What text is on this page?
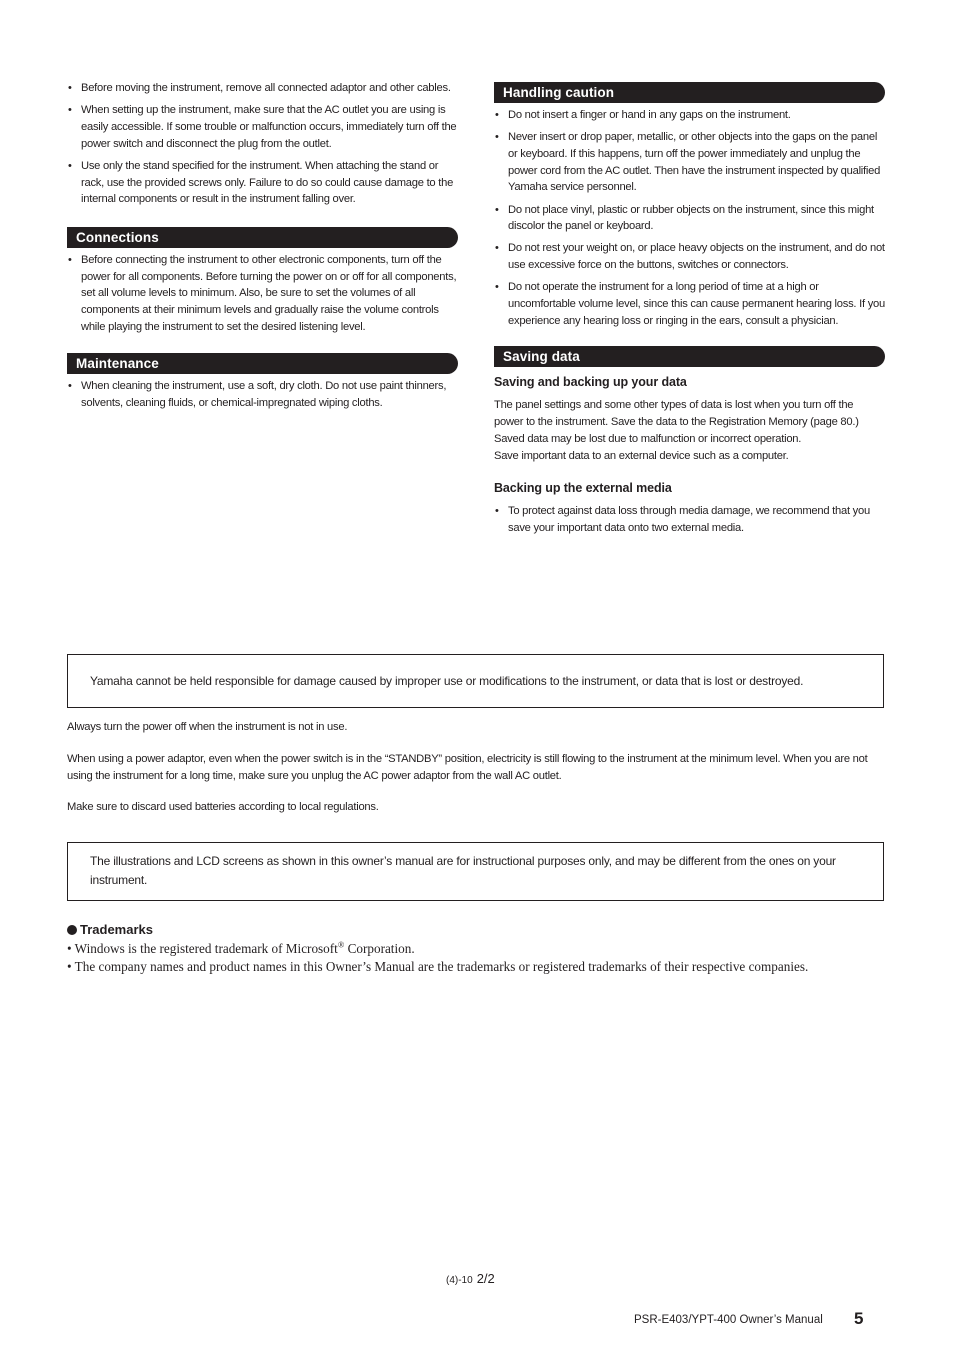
• Before moving the instrument, remove all connected adaptor and other cables.
• When setting up the instrument, make sure that the AC outlet you are using is easily accessible. If some trouble or malfunction occurs, immediately turn off the power switch and disconnect the plug from the outlet.
• Use only the stand specified for the instrument. When attaching the stand or rack, use the provided screws only. Failure to do so could cause damage to the internal components or result in the instrument falling over.
Connections
• Before connecting the instrument to other electronic components, turn off the power for all components. Before turning the power on or off for all components, set all volume levels to minimum. Also, be sure to set the volumes of all components at their minimum levels and gradually raise the volume controls while playing the instrument to set the desired listening level.
Maintenance
• When cleaning the instrument, use a soft, dry cloth. Do not use paint thinners, solvents, cleaning fluids, or chemical-impregnated wiping cloths.
Handling caution
• Do not insert a finger or hand in any gaps on the instrument.
• Never insert or drop paper, metallic, or other objects into the gaps on the panel or keyboard. If this happens, turn off the power immediately and unplug the power cord from the AC outlet. Then have the instrument inspected by qualified Yamaha service personnel.
• Do not place vinyl, plastic or rubber objects on the instrument, since this might discolor the panel or keyboard.
• Do not rest your weight on, or place heavy objects on the instrument, and do not use excessive force on the buttons, switches or connectors.
• Do not operate the instrument for a long period of time at a high or uncomfortable volume level, since this can cause permanent hearing loss. If you experience any hearing loss or ringing in the ears, consult a physician.
Saving data
Saving and backing up your data
The panel settings and some other types of data is lost when you turn off the power to the instrument. Save the data to the Registration Memory (page 80.)
Saved data may be lost due to malfunction or incorrect operation.
Save important data to an external device such as a computer.
Backing up the external media
• To protect against data loss through media damage, we recommend that you save your important data onto two external media.
Yamaha cannot be held responsible for damage caused by improper use or modifications to the instrument, or data that is lost or destroyed.
Always turn the power off when the instrument is not in use.
When using a power adaptor, even when the power switch is in the “STANDBY” position, electricity is still flowing to the instrument at the minimum level. When you are not using the instrument for a long time, make sure you unplug the AC power adaptor from the wall AC outlet.
Make sure to discard used batteries according to local regulations.
The illustrations and LCD screens as shown in this owner’s manual are for instructional purposes only, and may be different from the ones on your instrument.
Trademarks
• Windows is the registered trademark of Microsoft® Corporation.
• The company names and product names in this Owner’s Manual are the trademarks or registered trademarks of their respective companies.
(4)-10 2/2
PSR-E403/YPT-400 Owner’s Manual 5
